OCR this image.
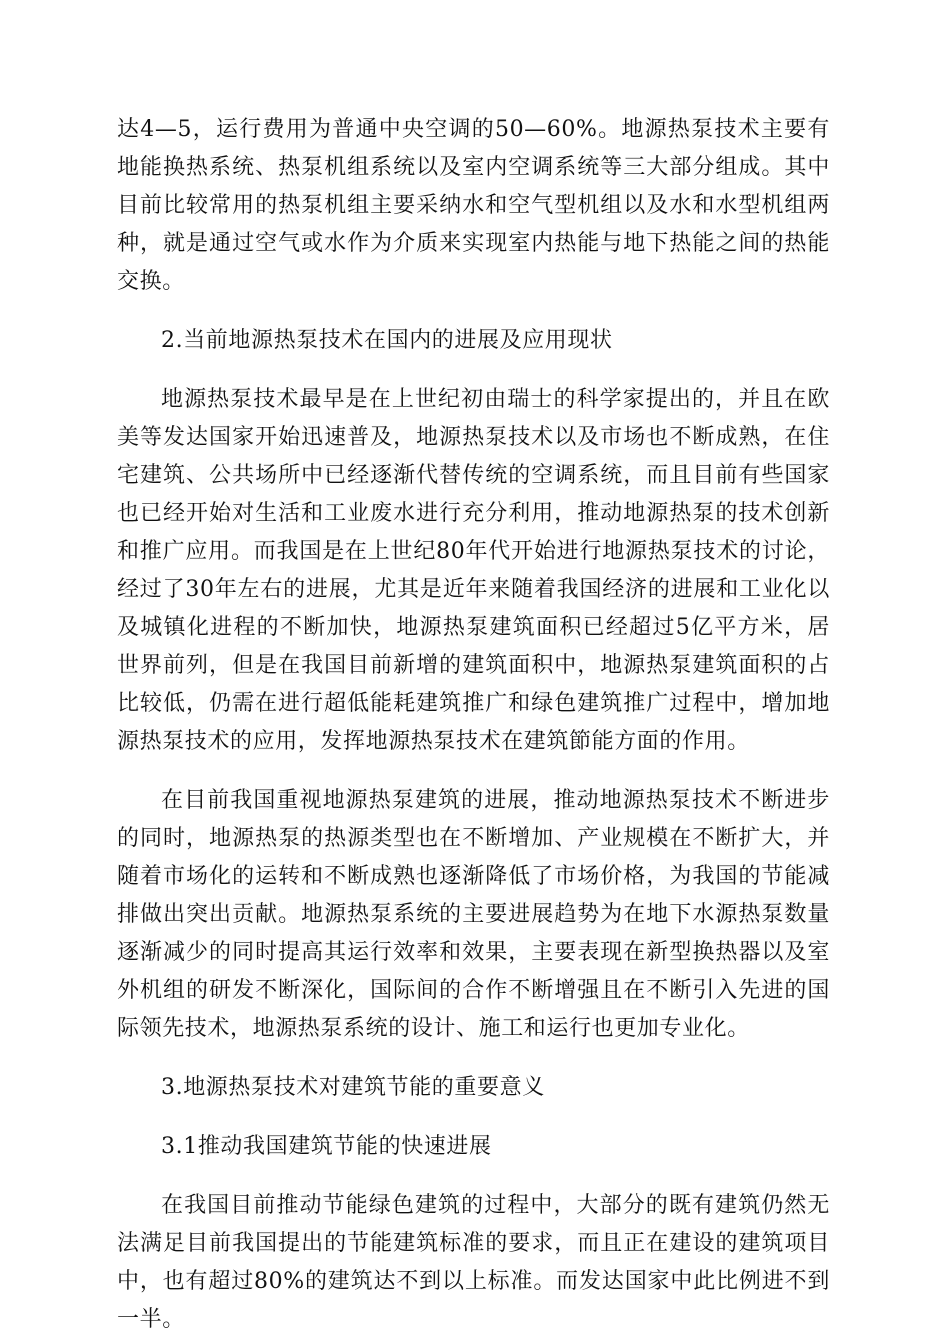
达4—5，运行费用为普通中央空调的50—60%。地源热泵技术主要有地能换热系统、热泵机组系统以及室内空调系统等三大部分组成。其中目前比较常用的热泵机组主要采纳水和空气型机组以及水和水型机组两种，就是通过空气或水作为介质来实现室内热能与地下热能之间的热能交换。

2.当前地源热泵技术在国内的进展及应用现状

地源热泵技术最早是在上世纪初由瑞士的科学家提出的，并且在欧美等发达国家开始迅速普及，地源热泵技术以及市场也不断成熟，在住宅建筑、公共场所中已经逐渐代替传统的空调系统，而且目前有些国家也已经开始对生活和工业废水进行充分利用，推动地源热泵的技术创新和推广应用。而我国是在上世纪80年代开始进行地源热泵技术的讨论，经过了30年左右的进展，尤其是近年来随着我国经济的进展和工业化以及城镇化进程的不断加快，地源热泵建筑面积已经超过5亿平方米，居世界前列，但是在我国目前新增的建筑面积中，地源热泵建筑面积的占比较低，仍需在进行超低能耗建筑推广和绿色建筑推广过程中，增加地源热泵技术的应用，发挥地源热泵技术在建筑節能方面的作用。

在目前我国重视地源热泵建筑的进展，推动地源热泵技术不断进步的同时，地源热泵的热源类型也在不断增加、产业规模在不断扩大，并随着市场化的运转和不断成熟也逐渐降低了市场价格，为我国的节能减排做出突出贡献。地源热泵系统的主要进展趋势为在地下水源热泵数量逐渐减少的同时提高其运行效率和效果，主要表现在新型换热器以及室外机组的研发不断深化，国际间的合作不断增强且在不断引入先进的国际领先技术，地源热泵系统的设计、施工和运行也更加专业化。

3.地源热泵技术对建筑节能的重要意义

3.1推动我国建筑节能的快速进展

在我国目前推动节能绿色建筑的过程中，大部分的既有建筑仍然无法满足目前我国提出的节能建筑标准的要求，而且正在建设的建筑项目中，也有超过80%的建筑达不到以上标准。而发达国家中此比例进不到一半。
